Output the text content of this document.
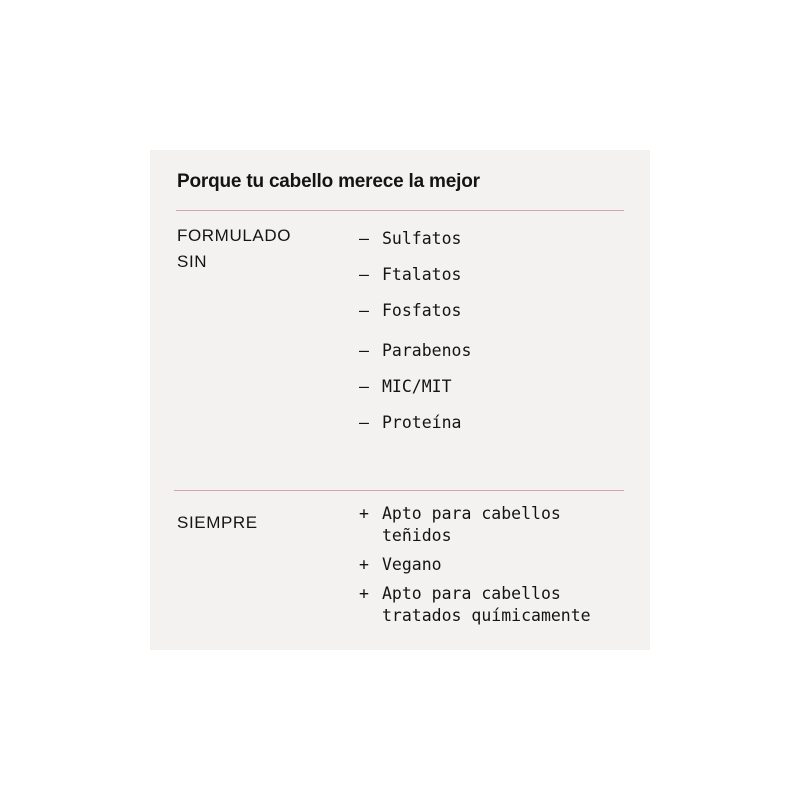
Porque tu cabello merece la mejor
FORMULADO SIN
— Sulfatos
— Ftalatos
— Fosfatos
— Parabenos
— MIC/MIT
— Proteína
SIEMPRE	+ Apto para cabellos teñidos
+ Vegano
+ Apto para cabellos tratados químicamente
